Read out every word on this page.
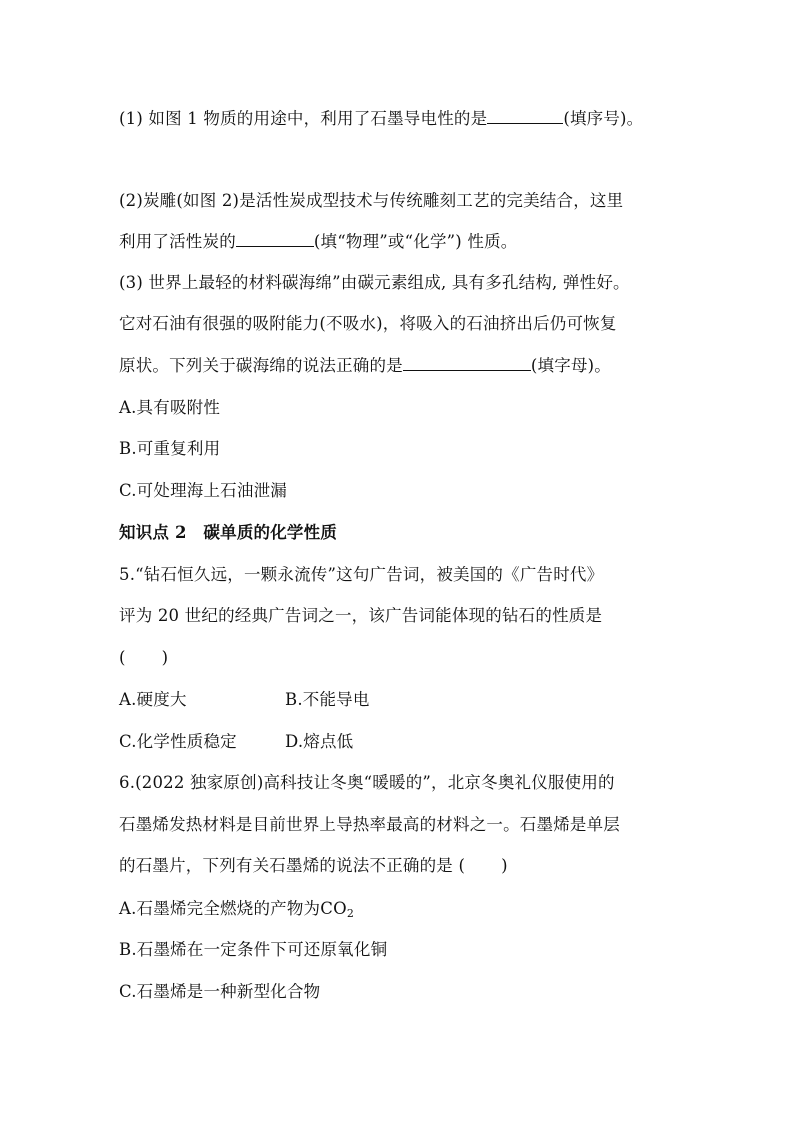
(1) 如图 1 物质的用途中，利用了石墨导电性的是	(填序号)。
(2)炭雕(如图 2)是活性炭成型技术与传统雕刻工艺的完美结合，这里
利用了活性炭的	(填“物理”或“化学”) 性质。
(3) 世界上最轻的材料碳海绵”由碳元素组成, 具有多孔结构, 弹性好。
它对石油有很强的吸附能力(不吸水)，将吸入的石油挤出后仍可恢复
原状。下列关于碳海绵的说法正确的是	(填字母)。
A.具有吸附性
B.可重复利用
C.可处理海上石油泄漏
知识点 2　碳单质的化学性质
5.“钻石恒久远，一颗永流传”这句广告词，被美国的《广告时代》
评为 20 世纪的经典广告词之一，该广告词能体现的钻石的性质是
( )
A.硬度大	B.不能导电
C.化学性质稳定	D.熔点低
6.(2022 独家原创)高科技让冬奥“暖暖的”，北京冬奥礼仪服使用的
石墨烯发热材料是目前世界上导热率最高的材料之一。石墨烯是单层
的石墨片，下列有关石墨烯的说法不正确的是 ( )
A.石墨烯完全燃烧的产物为$CO_2$
B.石墨烯在一定条件下可还原氧化铜
C.石墨烯是一种新型化合物
